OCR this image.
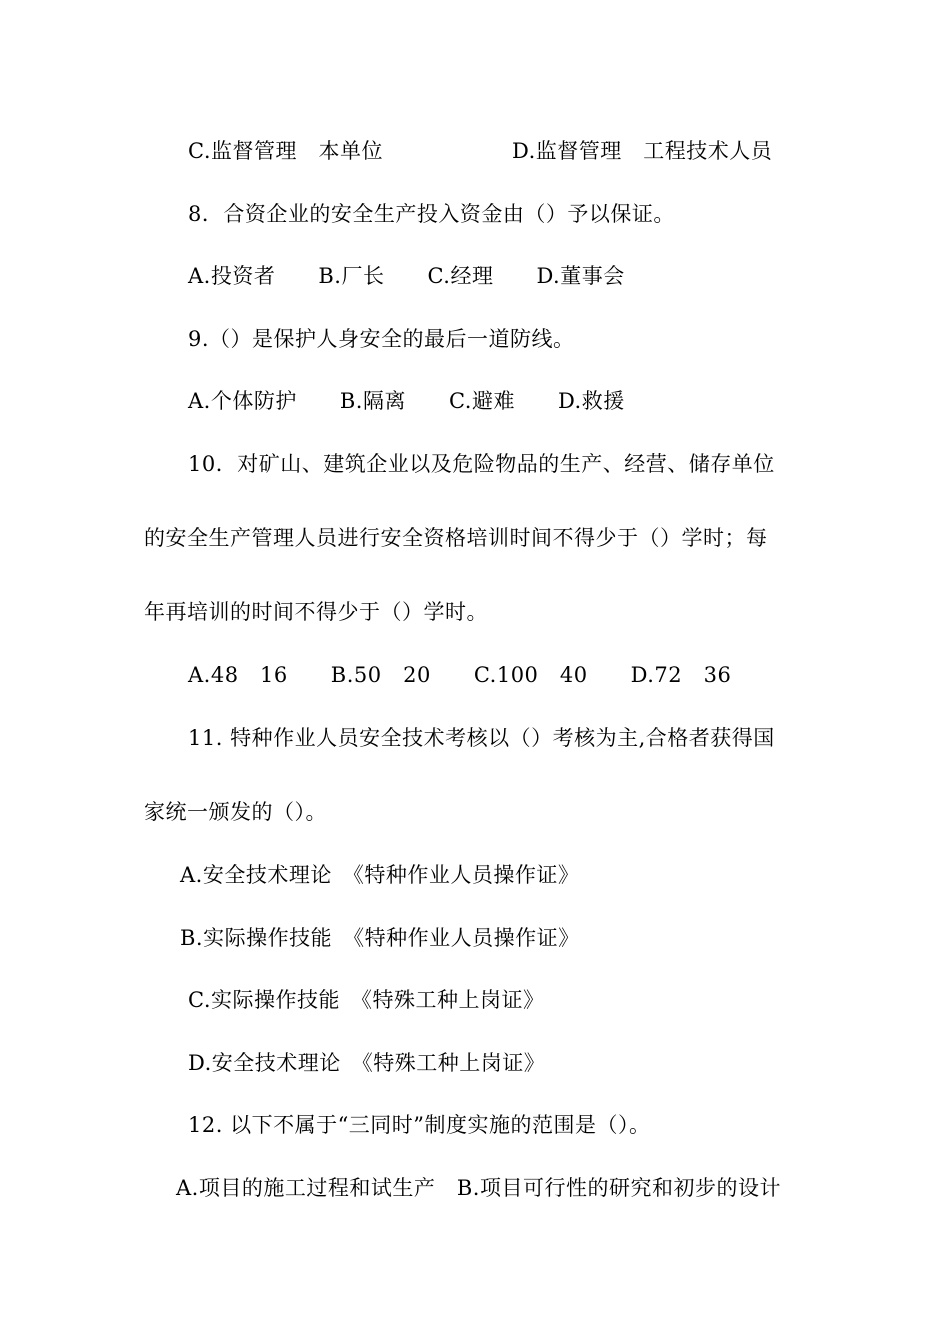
C.监督管理　本单位　　　　　　D.监督管理　工程技术人员
8．合资企业的安全生产投入资金由（）予以保证。
A.投资者　　B.厂长　　C.经理　　D.董事会
9.（）是保护人身安全的最后一道防线。
A.个体防护　　B.隔离　　C.避难　　D.救援
10．对矿山、建筑企业以及危险物品的生产、经营、储存单位
的安全生产管理人员进行安全资格培训时间不得少于（）学时；每
年再培训的时间不得少于（）学时。
A.48　16　　B.50　20　　C.100　40　　D.72　36
11. 特种作业人员安全技术考核以（）考核为主,合格者获得国
家统一颁发的（）。
A.安全技术理论　《特种作业人员操作证》
B.实际操作技能　《特种作业人员操作证》
C.实际操作技能　《特殊工种上岗证》
D.安全技术理论　《特殊工种上岗证》
12. 以下不属于“三同时”制度实施的范围是（）。
A.项目的施工过程和试生产　B.项目可行性的研究和初步的设计
